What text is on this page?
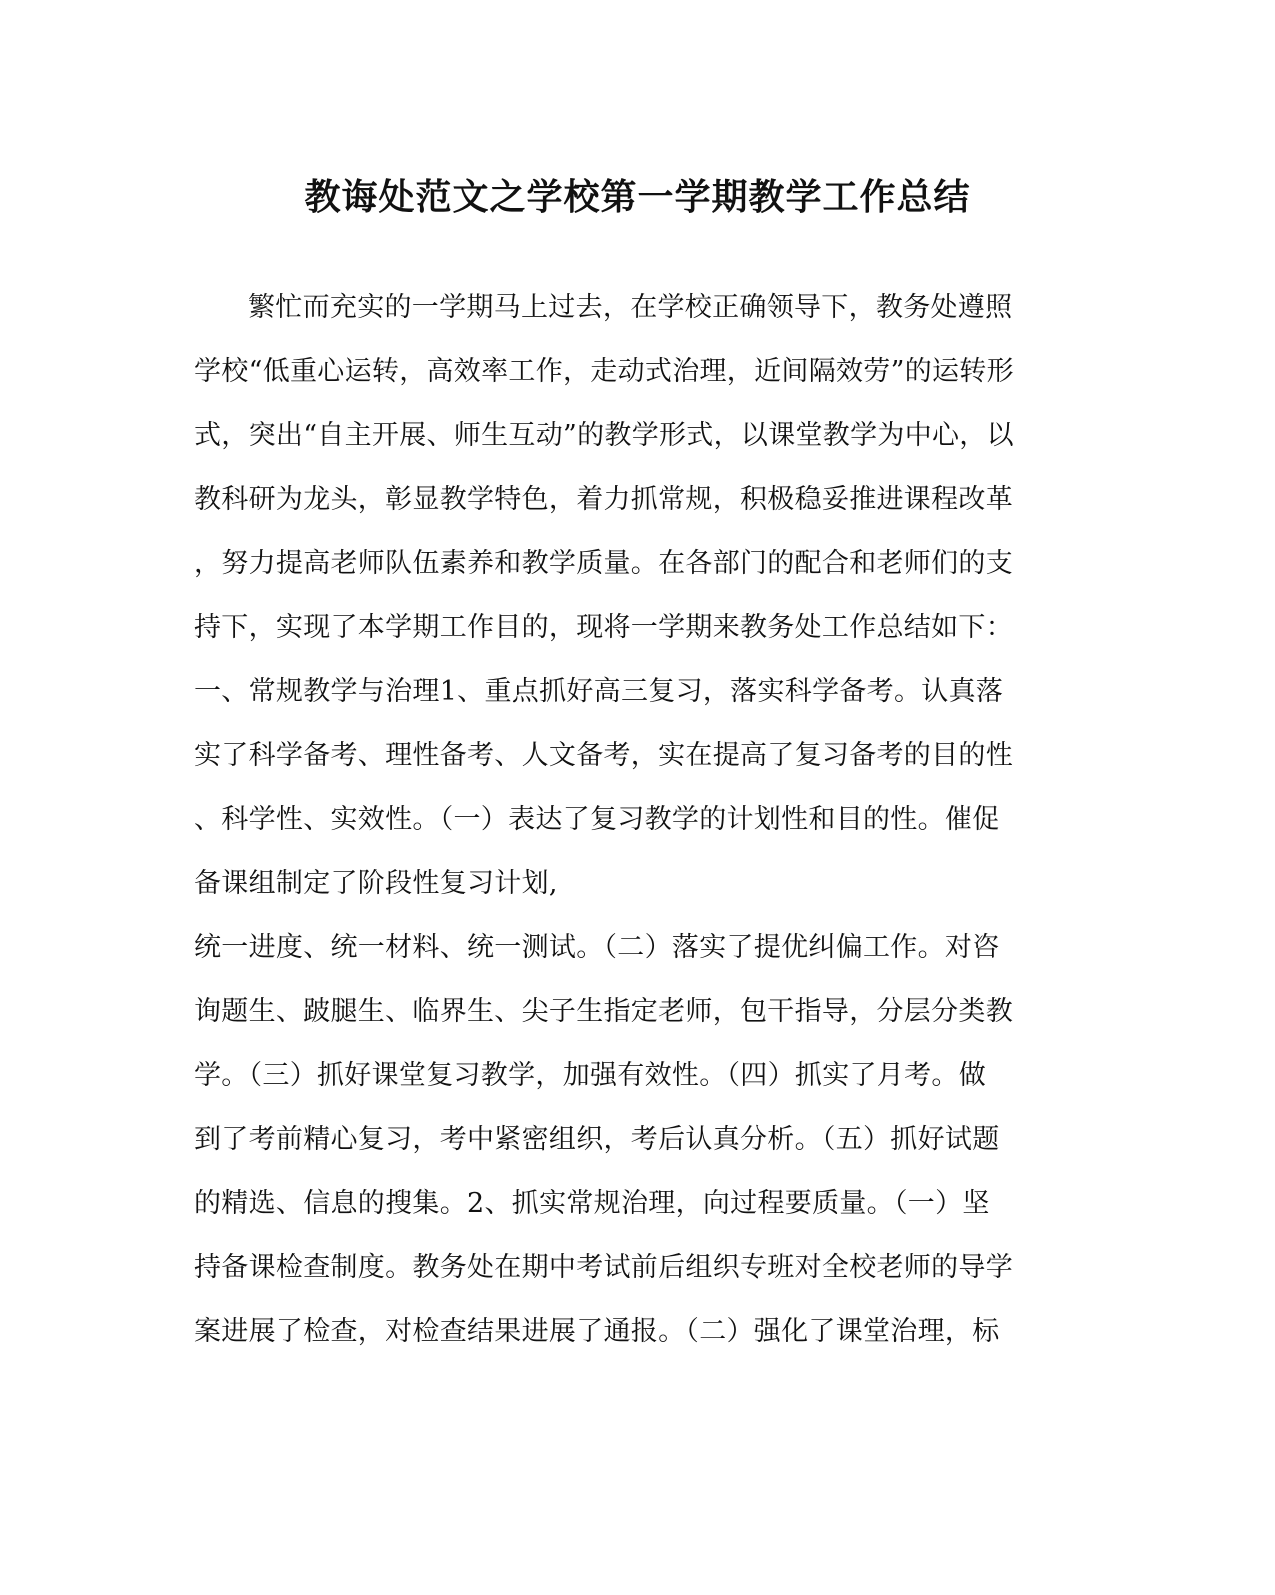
教诲处范文之学校第一学期教学工作总结
繁忙而充实的一学期马上过去，在学校正确领导下，教务处遵照
学校“低重心运转，高效率工作，走动式治理，近间隔效劳”的运转形
式，突出“自主开展、师生互动”的教学形式，以课堂教学为中心，以
教科研为龙头，彰显教学特色，着力抓常规，积极稳妥推进课程改革
，努力提高老师队伍素养和教学质量。在各部门的配合和老师们的支
持下，实现了本学期工作目的，现将一学期来教务处工作总结如下：
一、常规教学与治理1、重点抓好高三复习，落实科学备考。认真落
实了科学备考、理性备考、人文备考，实在提高了复习备考的目的性
、科学性、实效性。（一）表达了复习教学的计划性和目的性。催促
备课组制定了阶段性复习计划,
统一进度、统一材料、统一测试。（二）落实了提优纠偏工作。对咨
询题生、跛腿生、临界生、尖子生指定老师，包干指导，分层分类教
学。（三）抓好课堂复习教学，加强有效性。（四）抓实了月考。做
到了考前精心复习，考中紧密组织，考后认真分析。（五）抓好试题
的精选、信息的搜集。2、抓实常规治理，向过程要质量。（一）坚
持备课检查制度。教务处在期中考试前后组织专班对全校老师的导学
案进展了检查，对检查结果进展了通报。（二）强化了课堂治理，标
